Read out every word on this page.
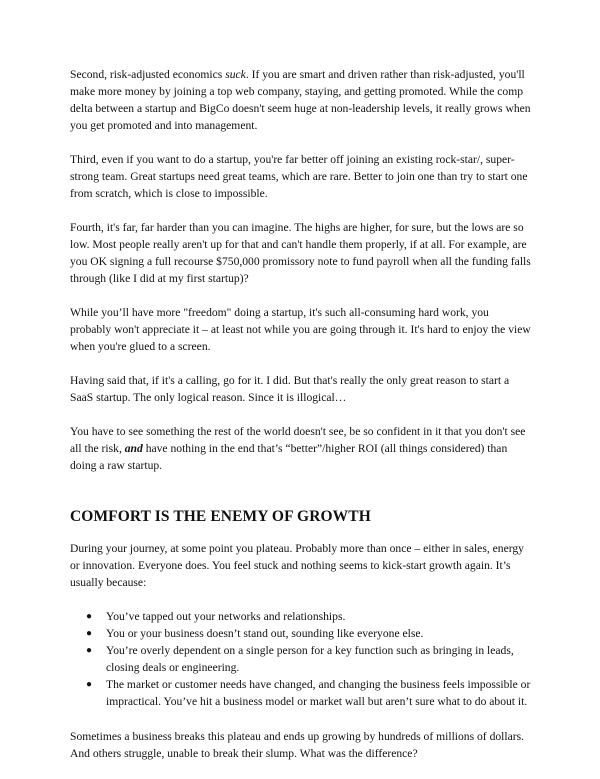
Second, risk-adjusted economics suck. If you are smart and driven rather than risk-adjusted, you'll make more money by joining a top web company, staying, and getting promoted. While the comp delta between a startup and BigCo doesn't seem huge at non-leadership levels, it really grows when you get promoted and into management.

Third, even if you want to do a startup, you're far better off joining an existing rock-star/, super-strong team. Great startups need great teams, which are rare. Better to join one than try to start one from scratch, which is close to impossible.

Fourth, it's far, far harder than you can imagine. The highs are higher, for sure, but the lows are so low. Most people really aren't up for that and can't handle them properly, if at all. For example, are you OK signing a full recourse $750,000 promissory note to fund payroll when all the funding falls through (like I did at my first startup)?

While you’ll have more "freedom" doing a startup, it's such all-consuming hard work, you probably won't appreciate it – at least not while you are going through it. It's hard to enjoy the view when you're glued to a screen.

Having said that, if it's a calling, go for it. I did. But that's really the only great reason to start a SaaS startup. The only logical reason. Since it is illogical…

You have to see something the rest of the world doesn't see, be so confident in it that you don't see all the risk, and have nothing in the end that’s “better”/higher ROI (all things considered) than doing a raw startup.

COMFORT IS THE ENEMY OF GROWTH

During your journey, at some point you plateau. Probably more than once – either in sales, energy or innovation. Everyone does. You feel stuck and nothing seems to kick-start growth again. It’s usually because:

● You’ve tapped out your networks and relationships.
● You or your business doesn’t stand out, sounding like everyone else.
● You’re overly dependent on a single person for a key function such as bringing in leads, closing deals or engineering.
● The market or customer needs have changed, and changing the business feels impossible or impractical. You’ve hit a business model or market wall but aren’t sure what to do about it.

Sometimes a business breaks this plateau and ends up growing by hundreds of millions of dollars. And others struggle, unable to break their slump. What was the difference?
